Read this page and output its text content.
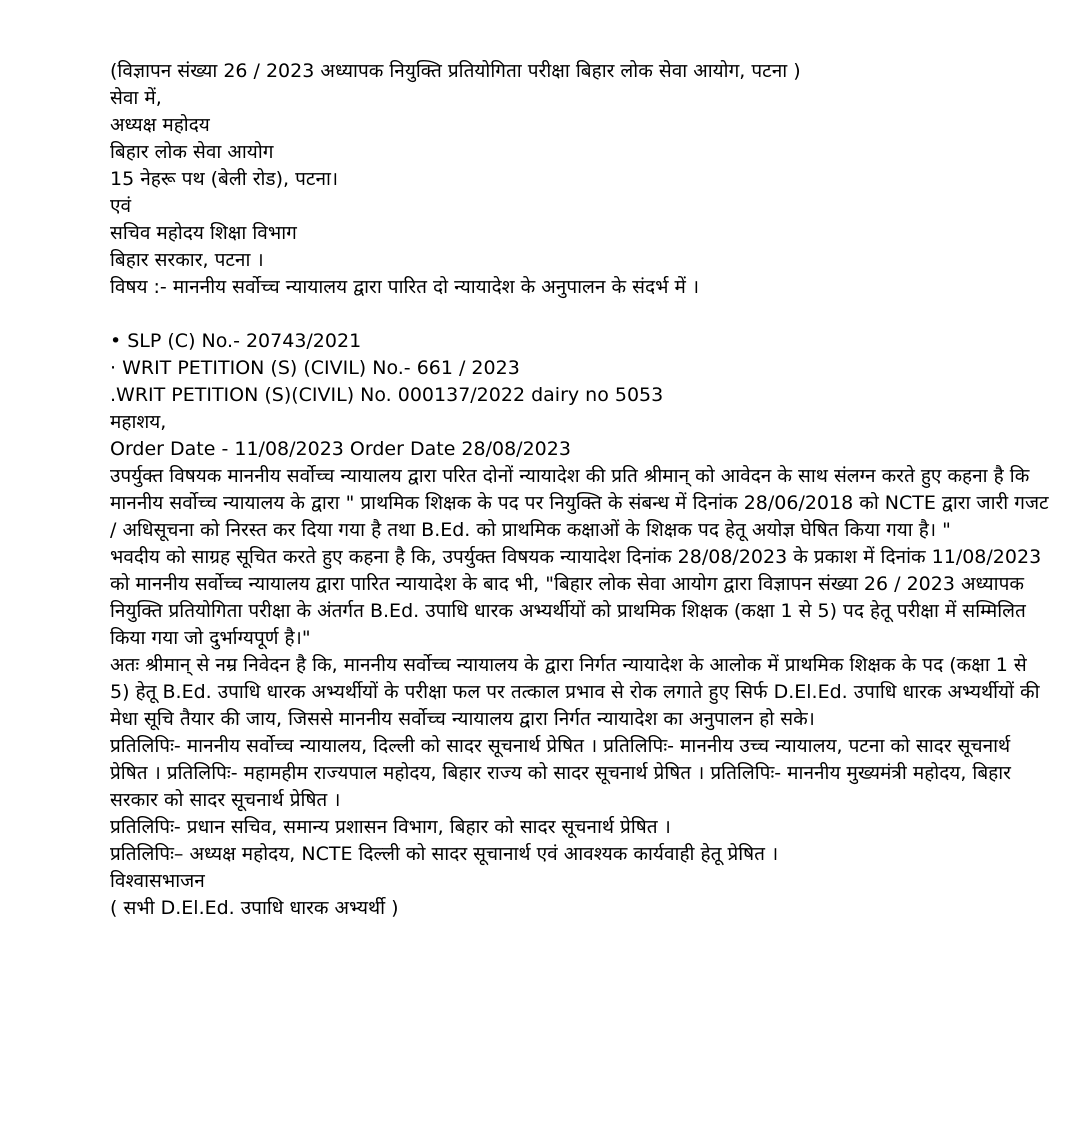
(विज्ञापन संख्या 26 / 2023 अध्यापक नियुक्ति प्रतियोगिता परीक्षा बिहार लोक सेवा आयोग, पटना )
सेवा में,
अध्यक्ष महोदय
बिहार लोक सेवा आयोग
15 नेहरू पथ (बेली रोड), पटना।
एवं
सचिव महोदय शिक्षा विभाग
बिहार सरकार, पटना ।
विषय :- माननीय सर्वोच्च न्यायालय द्वारा पारित दो न्यायादेश के अनुपालन के संदर्भ में ।
• SLP (C) No.- 20743/2021
· WRIT PETITION (S) (CIVIL) No.- 661 / 2023
.WRIT PETITION (S)(CIVIL) No. 000137/2022 dairy no 5053
महाशय,
Order Date - 11/08/2023 Order Date 28/08/2023
उपर्युक्त विषयक माननीय सर्वोच्च न्यायालय द्वारा परित दोनों न्यायादेश की प्रति श्रीमान् को आवेदन के साथ संलग्न करते हुए कहना है कि माननीय सर्वोच्च न्यायालय के द्वारा " प्राथमिक शिक्षक के पद पर नियुक्ति के संबन्ध में दिनांक 28/06/2018 को NCTE द्वारा जारी गजट / अधिसूचना को निरस्त कर दिया गया है तथा B.Ed. को प्राथमिक कक्षाओं के शिक्षक पद हेतू अयोज्ञ घेषित किया गया है। "
भवदीय को साग्रह सूचित करते हुए कहना है कि, उपर्युक्त विषयक न्यायादेश दिनांक 28/08/2023 के प्रकाश में दिनांक 11/08/2023 को माननीय सर्वोच्च न्यायालय द्वारा पारित न्यायादेश के बाद भी, "बिहार लोक सेवा आयोग द्वारा विज्ञापन संख्या 26 / 2023 अध्यापक नियुक्ति प्रतियोगिता परीक्षा के अंतर्गत B.Ed. उपाधि धारक अभ्यर्थीयों को प्राथमिक शिक्षक (कक्षा 1 से 5) पद हेतू परीक्षा में सम्मिलित किया गया जो दुर्भाग्यपूर्ण है।"
अतः श्रीमान् से नम्र निवेदन है कि, माननीय सर्वोच्च न्यायालय के द्वारा निर्गत न्यायादेश के आलोक में प्राथमिक शिक्षक के पद (कक्षा 1 से 5) हेतू B.Ed. उपाधि धारक अभ्यर्थीयों के परीक्षा फल पर तत्काल प्रभाव से रोक लगाते हुए सिर्फ D.El.Ed. उपाधि धारक अभ्यर्थीयों की मेधा सूचि तैयार की जाय, जिससे माननीय सर्वोच्च न्यायालय द्वारा निर्गत न्यायादेश का अनुपालन हो सके।
प्रतिलिपिः- माननीय सर्वोच्च न्यायालय, दिल्ली को सादर सूचनार्थ प्रेषित । प्रतिलिपिः- माननीय उच्च न्यायालय, पटना को सादर सूचनार्थ प्रेषित । प्रतिलिपिः- महामहीम राज्यपाल महोदय, बिहार राज्य को सादर सूचनार्थ प्रेषित । प्रतिलिपिः- माननीय मुख्यमंत्री महोदय, बिहार सरकार को सादर सूचनार्थ प्रेषित ।
प्रतिलिपिः- प्रधान सचिव, समान्य प्रशासन विभाग, बिहार को सादर सूचनार्थ प्रेषित ।
प्रतिलिपिः– अध्यक्ष महोदय, NCTE दिल्ली को सादर सूचानार्थ एवं आवश्यक कार्यवाही हेतू प्रेषित ।
विश्वासभाजन
( सभी D.El.Ed. उपाधि धारक अभ्यर्थी )
